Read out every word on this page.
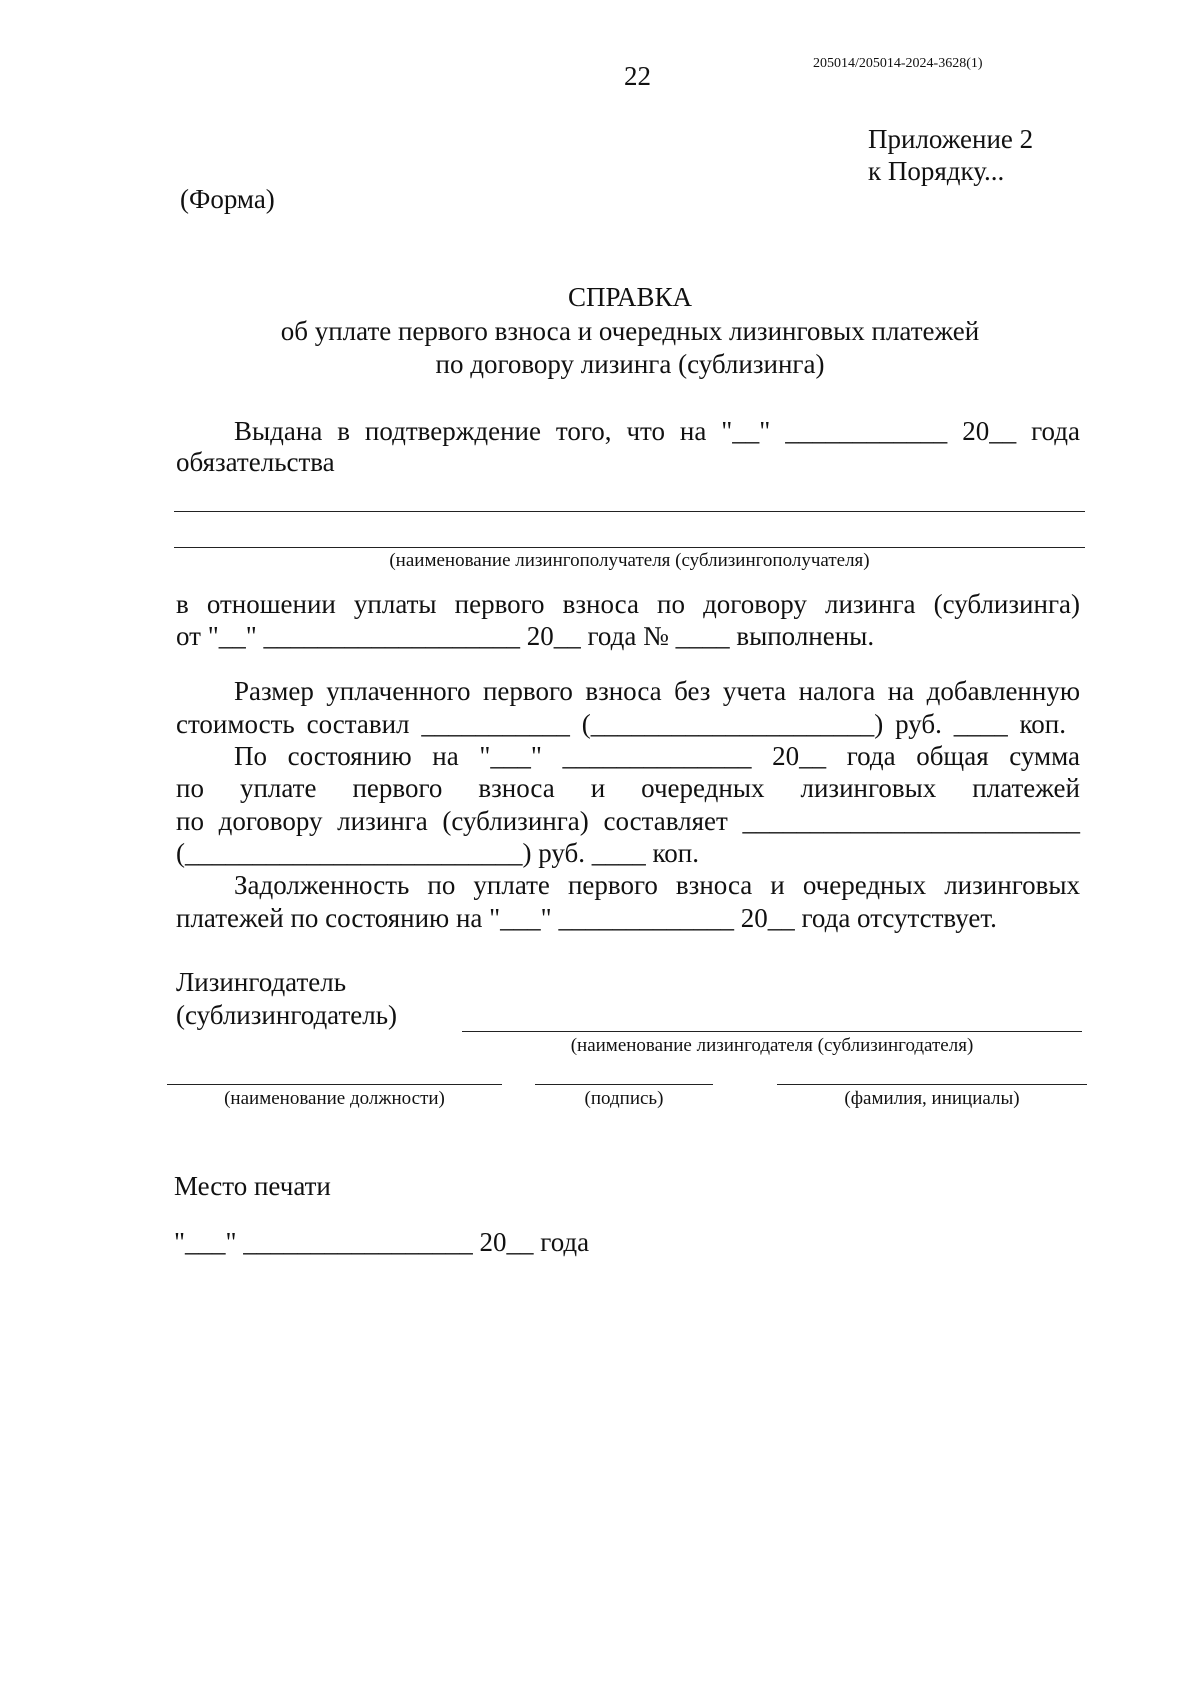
22	205014/205014-2024-3628(1)
Приложение 2
к Порядку...
(Форма)
СПРАВКА
об уплате первого взноса и очередных лизинговых платежей
по договору лизинга (сублизинга)
Выдана в подтверждение того, что на "__" ____________ 20__ года
обязательства
(наименование лизингополучателя (сублизингополучателя)
в отношении уплаты первого взноса по договору лизинга (сублизинга)
от "__" ___________________ 20__ года № ____ выполнены.
Размер уплаченного первого взноса без учета налога на добавленную
стоимость составил ___________ (_____________________) руб. ____ коп.
По состоянию на "___" ______________ 20__ года общая сумма
по уплате первого взноса и очередных лизинговых платежей
по договору лизинга (сублизинга) составляет _________________________
(_________________________) руб. ____ коп.
Задолженность по уплате первого взноса и очередных лизинговых
платежей по состоянию на "___" _____________ 20__ года отсутствует.
Лизингодатель
(сублизингодатель)
(наименование лизингодателя (сублизингодателя)
(наименование должности)	(подпись)	(фамилия, инициалы)
Место печати
"___" _________________ 20__ года
